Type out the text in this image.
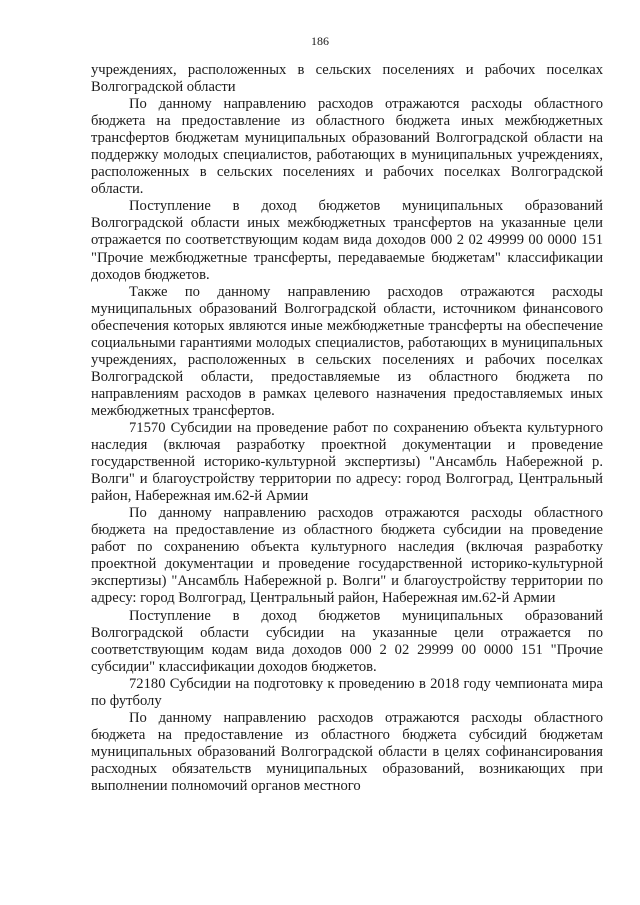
186

учреждениях, расположенных в сельских поселениях и рабочих поселках Волгоградской области

По данному направлению расходов отражаются расходы областного бюджета на предоставление из областного бюджета иных межбюджетных трансфертов бюджетам муниципальных образований Волгоградской области на поддержку молодых специалистов, работающих в муниципальных учреждениях, расположенных в сельских поселениях и рабочих поселках Волгоградской области.

Поступление в доход бюджетов муниципальных образований Волгоградской области иных межбюджетных трансфертов на указанные цели отражается по соответствующим кодам вида доходов 000 2 02 49999 00 0000 151 "Прочие межбюджетные трансферты, передаваемые бюджетам" классификации доходов бюджетов.

Также по данному направлению расходов отражаются расходы муниципальных образований Волгоградской области, источником финансового обеспечения которых являются иные межбюджетные трансферты на обеспечение социальными гарантиями молодых специалистов, работающих в муниципальных учреждениях, расположенных в сельских поселениях и рабочих поселках Волгоградской области, предоставляемые из областного бюджета по направлениям расходов в рамках целевого назначения предоставляемых иных межбюджетных трансфертов.

71570 Субсидии на проведение работ по сохранению объекта культурного наследия (включая разработку проектной документации и проведение государственной историко-культурной экспертизы) "Ансамбль Набережной р. Волги" и благоустройству территории по адресу: город Волгоград, Центральный район, Набережная им.62-й Армии

По данному направлению расходов отражаются расходы областного бюджета на предоставление из областного бюджета субсидии на проведение работ по сохранению объекта культурного наследия (включая разработку проектной документации и проведение государственной историко-культурной экспертизы) "Ансамбль Набережной р. Волги" и благоустройству территории по адресу: город Волгоград, Центральный район, Набережная им.62-й Армии

Поступление в доход бюджетов муниципальных образований Волгоградской области субсидии на указанные цели отражается по соответствующим кодам вида доходов 000 2 02 29999 00 0000 151 "Прочие субсидии" классификации доходов бюджетов.

72180 Субсидии на подготовку к проведению в 2018 году чемпионата мира по футболу

По данному направлению расходов отражаются расходы областного бюджета на предоставление из областного бюджета субсидий бюджетам муниципальных образований Волгоградской области в целях софинансирования расходных обязательств муниципальных образований, возникающих при выполнении полномочий органов местного
